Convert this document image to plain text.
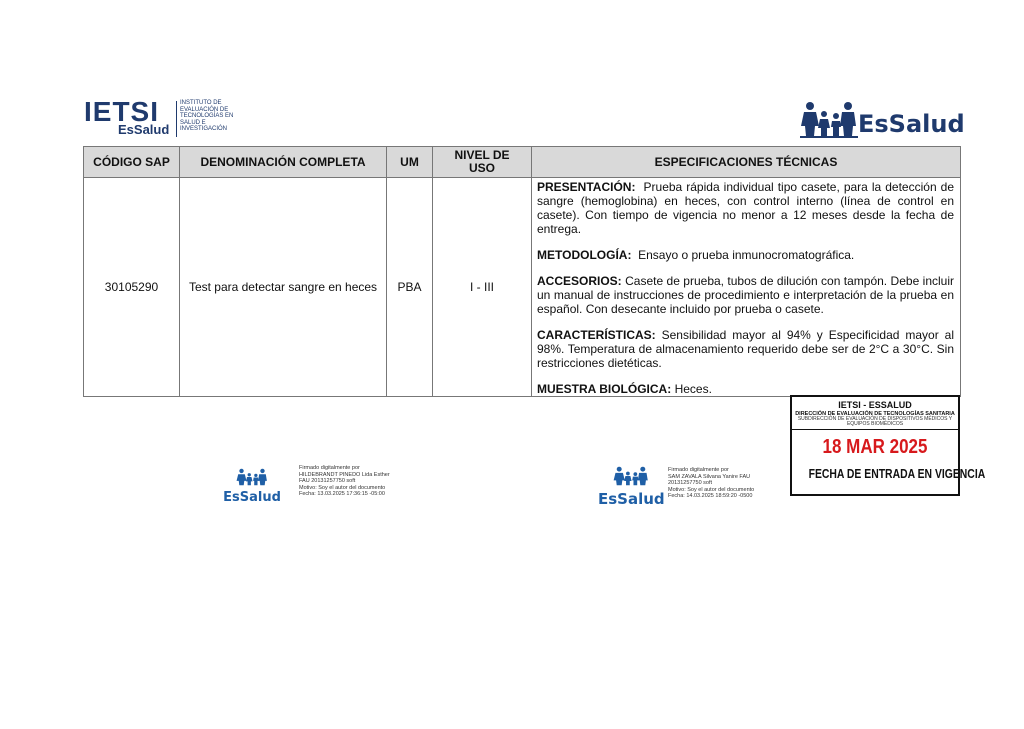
IETSI
EsSalud
INSTITUTO DE EVALUACIÓN DE TECNOLOGÍAS EN SALUD E INVESTIGACIÓN	EsSalud
CÓDIGO SAP	DENOMINACIÓN COMPLETA	UM	NIVEL DE USO	ESPECIFICACIONES TÉCNICAS
30105290	Test para detectar sangre en heces	PBA	I - III	PRESENTACIÓN: Prueba rápida individual tipo casete, para la detección de sangre (hemoglobina) en heces, con control interno (línea de control en casete). Con tiempo de vigencia no menor a 12 meses desde la fecha de entrega.

METODOLOGÍA: Ensayo o prueba inmunocromatográfica.

ACCESORIOS: Casete de prueba, tubos de dilución con tampón. Debe incluir un manual de instrucciones de procedimiento e interpretación de la prueba en español. Con desecante incluido por prueba o casete.

CARACTERÍSTICAS: Sensibilidad mayor al 94% y Especificidad mayor al 98%. Temperatura de almacenamiento requerido debe ser de 2°C a 30°C. Sin restricciones dietéticas.

MUESTRA BIOLÓGICA: Heces.

IETSI - ESSALUD
DIRECCIÓN DE EVALUACIÓN DE TECNOLOGÍAS SANITARIA
SUBDIRECCIÓN DE EVALUACIÓN DE DISPOSITIVOS MÉDICOS Y EQUIPOS BIOMÉDICOS
18 MAR 2025
FECHA DE ENTRADA EN VIGENCIA
EsSalud
Firmado digitalmente por
HILDEBRANDT PINEDO Lida Esther
FAU 20131257750 soft
Motivo: Soy el autor del documento
Fecha: 13.03.2025 17:36:15 -05:00	EsSalud
Firmado digitalmente por
SAM ZAVALA Silvana Yanire FAU
20131257750 soft
Motivo: Soy el autor del documento
Fecha: 14.03.2025 18:59:20 -0500
